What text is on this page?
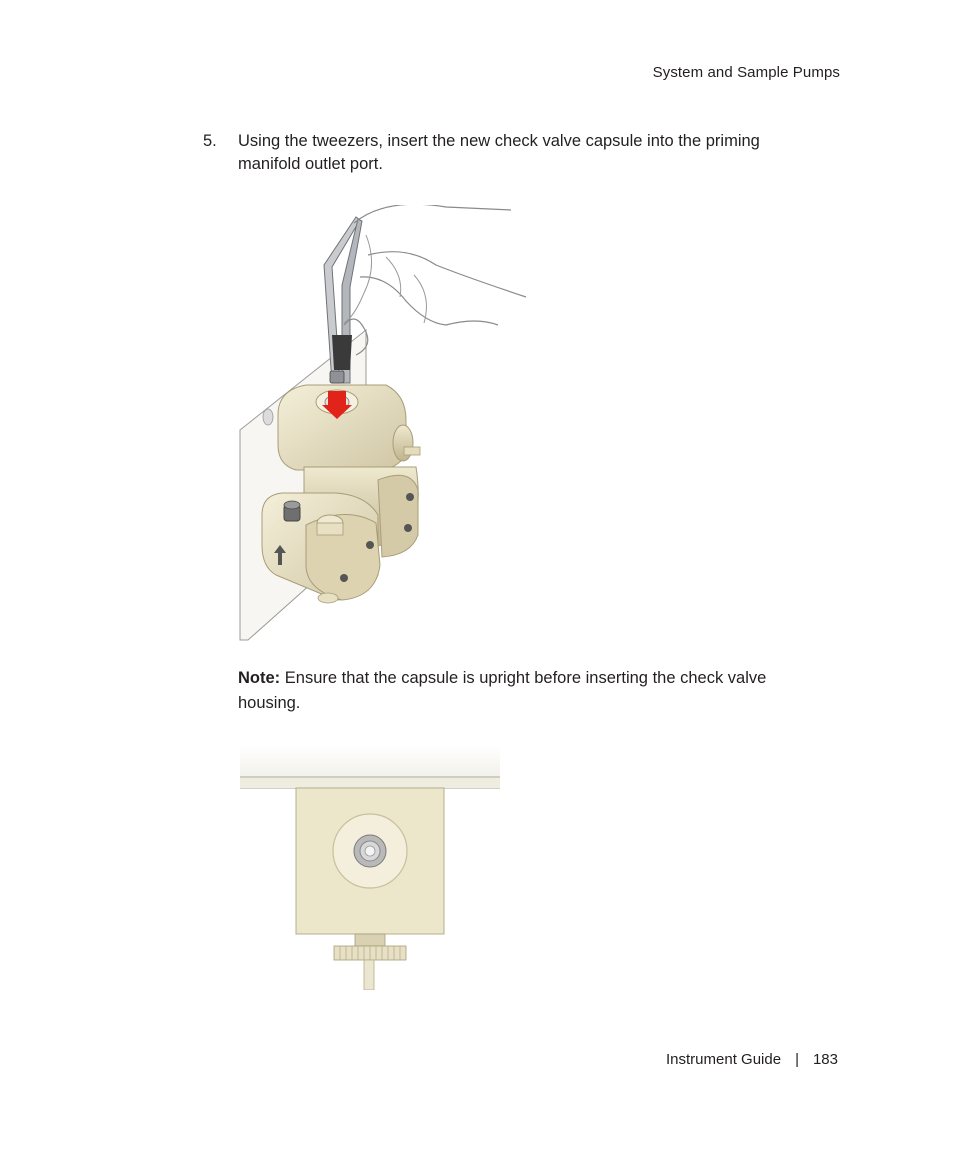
System and Sample Pumps
5. Using the tweezers, insert the new check valve capsule into the priming manifold outlet port.
Note: Ensure that the capsule is upright before inserting the check valve housing.
Instrument Guide | 183
